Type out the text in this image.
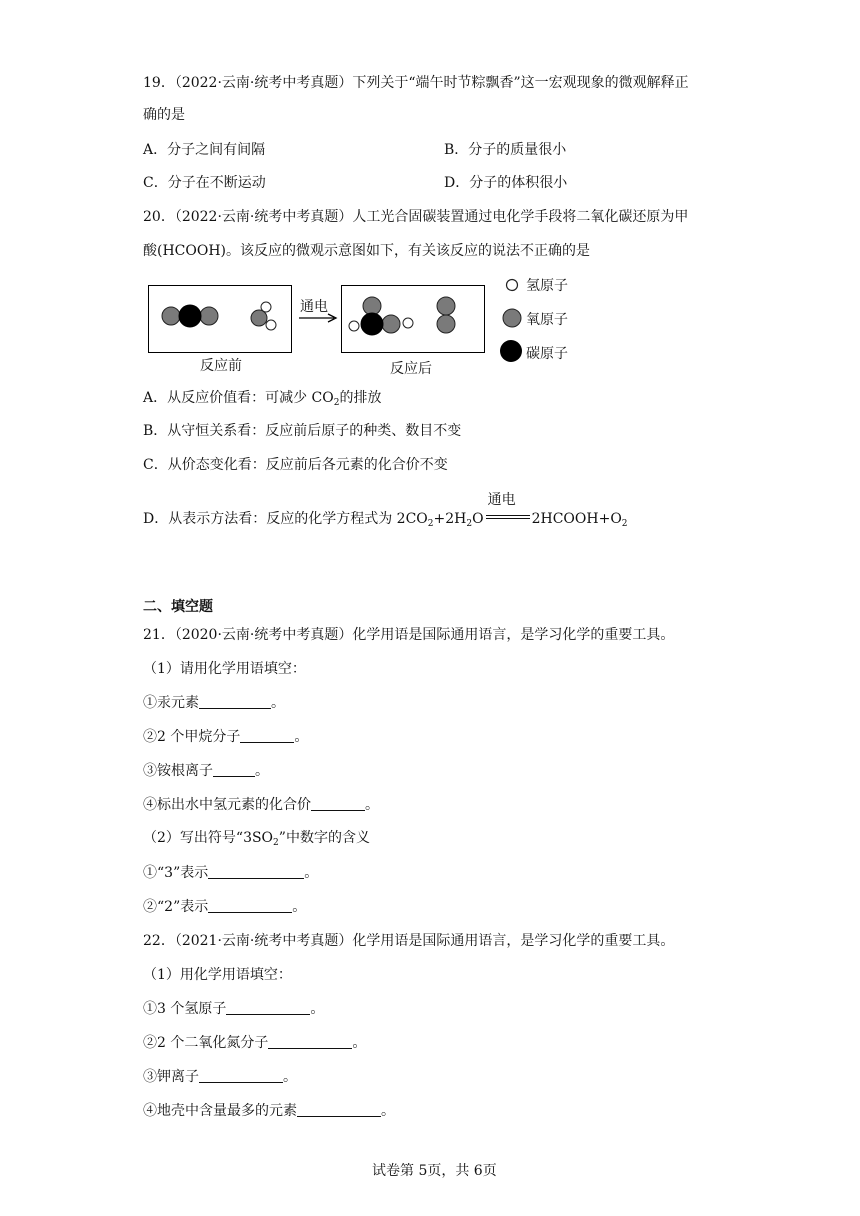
19．（2022·云南·统考中考真题）下列关于“端午时节粽飘香”这一宏观现象的微观解释正
确的是
A．分子之间有间隔	B．分子的质量很小
C．分子在不断运动	D．分子的体积很小
20．（2022·云南·统考中考真题）人工光合固碳装置通过电化学手段将二氧化碳还原为甲
酸(HCOOH)。该反应的微观示意图如下，有关该反应的说法不正确的是
反应前
通电
反应后
氢原子
氧原子
碳原子
A．从反应价值看：可减少 $CO_2$的排放
B．从守恒关系看：反应前后原子的种类、数目不变
C．从价态变化看：反应前后各元素的化合价不变
D．从表示方法看：反应的化学方程式为 $2CO_2+2H_2O$
通电
$2HCOOH+O_2$
二、填空题
21．（2020·云南·统考中考真题）化学用语是国际通用语言，是学习化学的重要工具。
（1）请用化学用语填空：
①汞元素	。
②2 个甲烷分子	。
③铵根离子	。
④标出水中氢元素的化合价	。
（2）写出符号“$3SO_2$”中数字的含义
①“3”表示	。
②“2”表示	。
22．（2021·云南·统考中考真题）化学用语是国际通用语言，是学习化学的重要工具。
（1）用化学用语填空：
①3 个氢原子	。
②2 个二氧化氮分子	。
③钾离子	。
④地壳中含量最多的元素	。
试卷第 5页，共 6页
